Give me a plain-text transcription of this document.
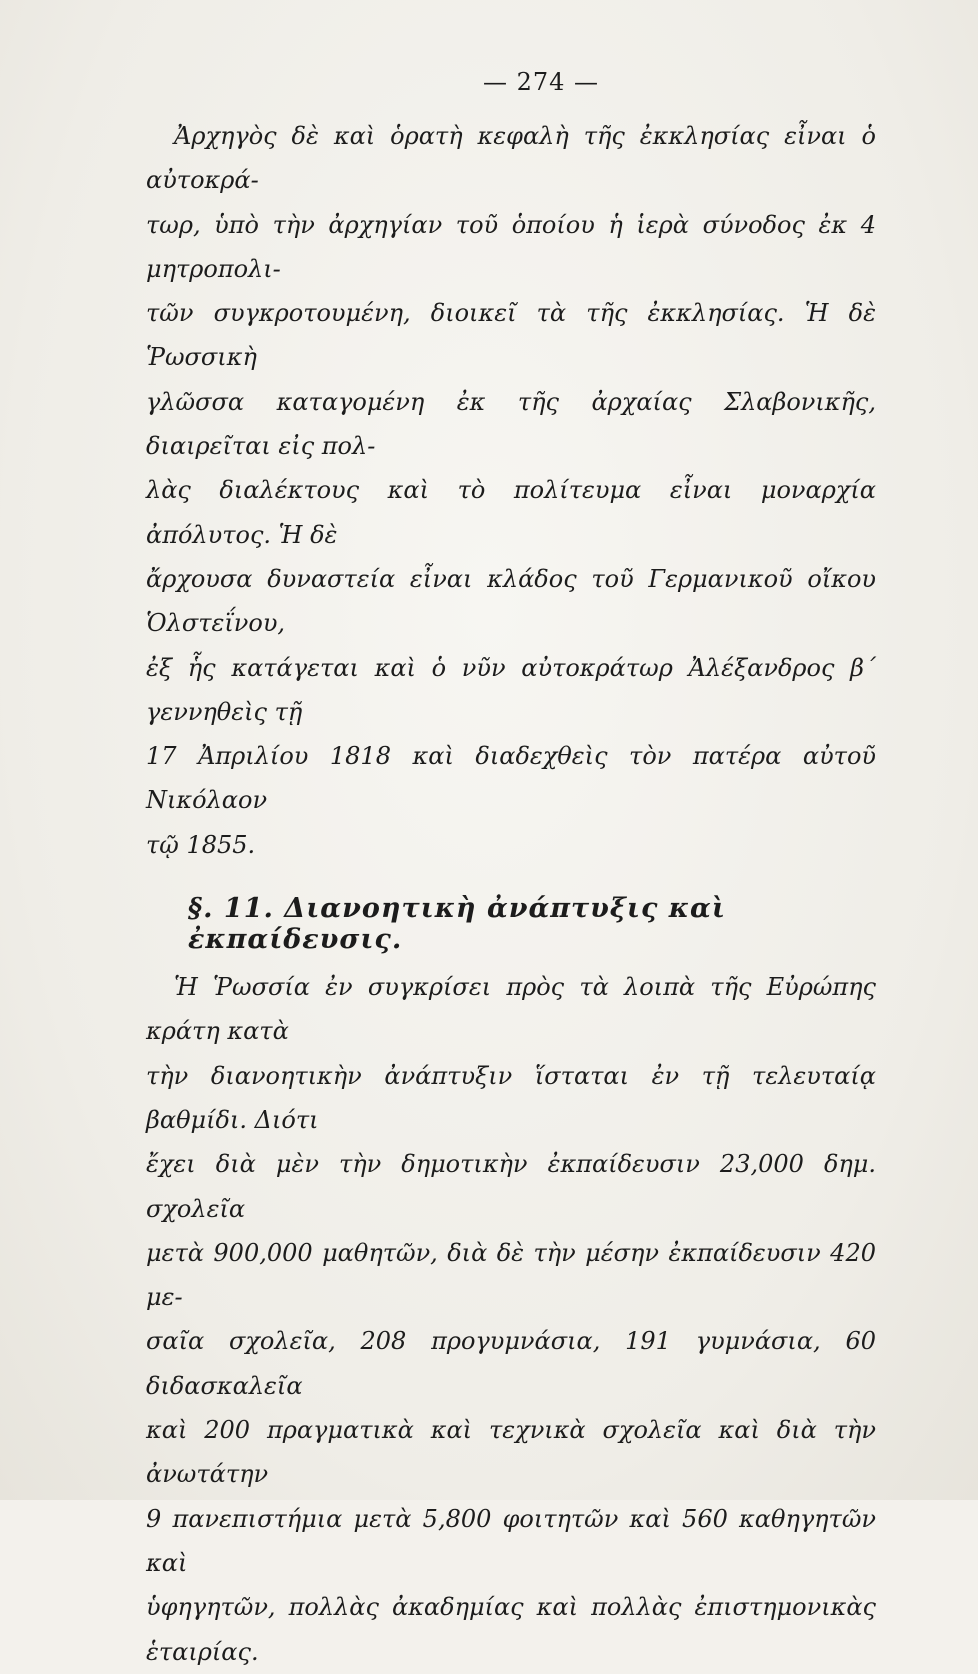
— 274 —
Ἀρχηγὸς δὲ καὶ ὁρατὴ κεφαλὴ τῆς ἐκκλησίας εἶναι ὁ αὐτοκρά-
τωρ, ὑπὸ τὴν ἀρχηγίαν τοῦ ὁποίου ἡ ἱερὰ σύνοδος ἐκ 4 μητροπολι-
τῶν συγκροτουμένη, διοικεῖ τὰ τῆς ἐκκλησίας. Ἡ δὲ Ῥωσσικὴ
γλῶσσα καταγομένη ἐκ τῆς ἀρχαίας Σλαβονικῆς, διαιρεῖται εἰς πολ-
λὰς διαλέκτους καὶ τὸ πολίτευμα εἶναι μοναρχία ἀπόλυτος. Ἡ δὲ
ἄρχουσα δυναστεία εἶναι κλάδος τοῦ Γερμανικοῦ οἴκου Ὁλστεΐνου,
ἐξ ἧς κατάγεται καὶ ὁ νῦν αὐτοκράτωρ Ἀλέξανδρος β΄ γεννηθεὶς τῇ
17 Ἀπριλίου 1818 καὶ διαδεχθεὶς τὸν πατέρα αὐτοῦ Νικόλαον
τῷ 1855.
§. 11. Διανοητικὴ ἀνάπτυξις καὶ ἐκπαίδευσις.
Ἡ Ῥωσσία ἐν συγκρίσει πρὸς τὰ λοιπὰ τῆς Εὐρώπης κράτη κατὰ
τὴν διανοητικὴν ἀνάπτυξιν ἵσταται ἐν τῇ τελευταίᾳ βαθμίδι. Διότι
ἔχει διὰ μὲν τὴν δημοτικὴν ἐκπαίδευσιν 23,000 δημ. σχολεῖα
μετὰ 900,000 μαθητῶν, διὰ δὲ τὴν μέσην ἐκπαίδευσιν 420 με-
σαῖα σχολεῖα, 208 προγυμνάσια, 191 γυμνάσια, 60 διδασκαλεῖα
καὶ 200 πραγματικὰ καὶ τεχνικὰ σχολεῖα καὶ διὰ τὴν ἀνωτάτην
9 πανεπιστήμια μετὰ 5,800 φοιτητῶν καὶ 560 καθηγητῶν καὶ
ὑφηγητῶν, πολλὰς ἀκαδημίας καὶ πολλὰς ἐπιστημονικὰς ἑταιρίας.
